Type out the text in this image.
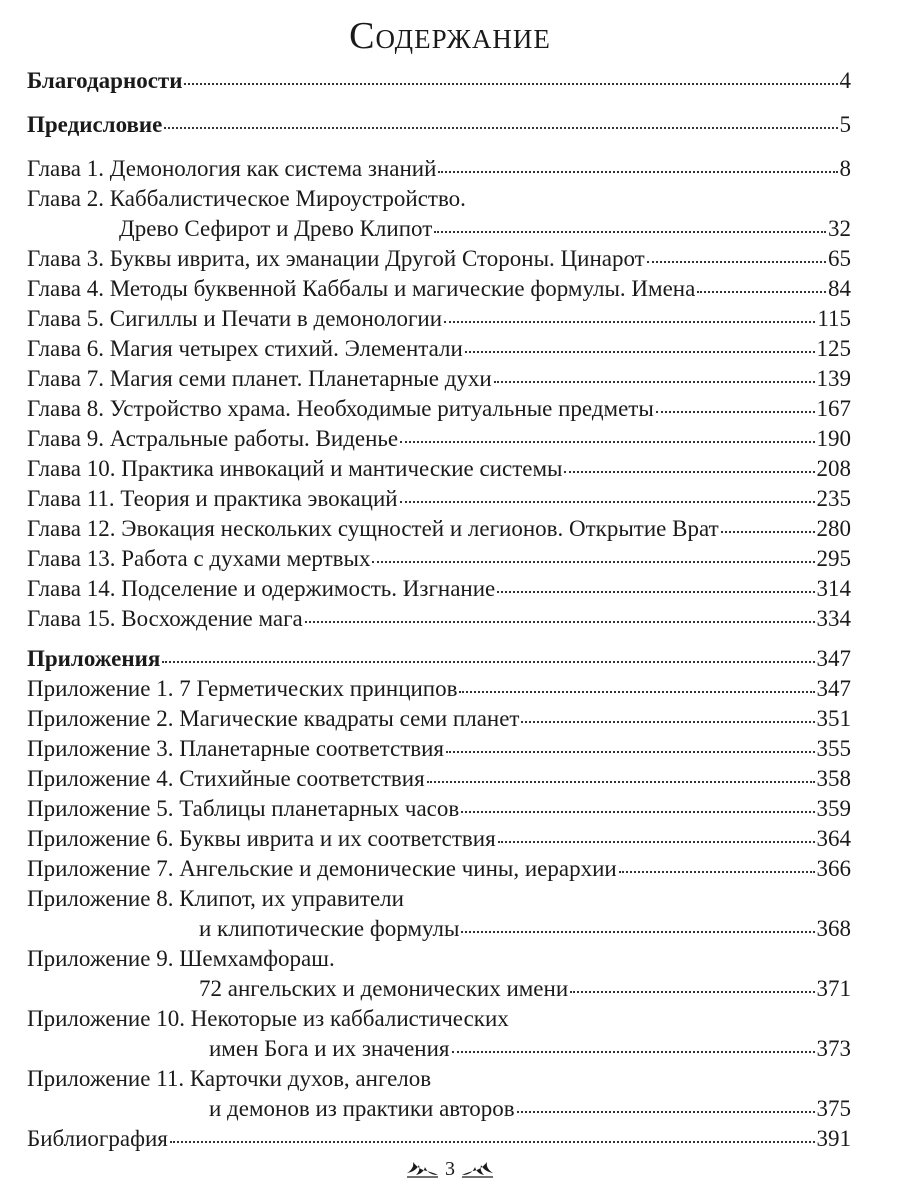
Содержание
Благодарности	4
Предисловие	5
Глава 1. Демонология как система знаний	8
Глава 2. Каббалистическое Мироустройство.
Древо Сефирот и Древо Клипот	32
Глава 3. Буквы иврита, их эманации Другой Стороны. Цинарот	65
Глава 4. Методы буквенной Каббалы и магические формулы. Имена	84
Глава 5. Сигиллы и Печати в демонологии	115
Глава 6. Магия четырех стихий. Элементали	125
Глава 7. Магия семи планет. Планетарные духи	139
Глава 8. Устройство храма. Необходимые ритуальные предметы	167
Глава 9. Астральные работы. Виденье	190
Глава 10. Практика инвокаций и мантические системы	208
Глава 11. Теория и практика эвокаций	235
Глава 12. Эвокация нескольких сущностей и легионов. Открытие Врат	280
Глава 13. Работа с духами мертвых	295
Глава 14. Подселение и одержимость. Изгнание	314
Глава 15. Восхождение мага	334
Приложения	347
Приложение 1. 7 Герметических принципов	347
Приложение 2. Магические квадраты семи планет	351
Приложение 3. Планетарные соответствия	355
Приложение 4. Стихийные соответствия	358
Приложение 5. Таблицы планетарных часов	359
Приложение 6. Буквы иврита и их соответствия	364
Приложение 7. Ангельские и демонические чины, иерархии	366
Приложение 8. Клипот, их управители
и клипотические формулы	368
Приложение 9. Шемхамфораш.
72 ангельских и демонических имени	371
Приложение 10. Некоторые из каббалистических
имен Бога и их значения	373
Приложение 11. Карточки духов, ангелов
и демонов из практики авторов	375
Библиография	391
3
